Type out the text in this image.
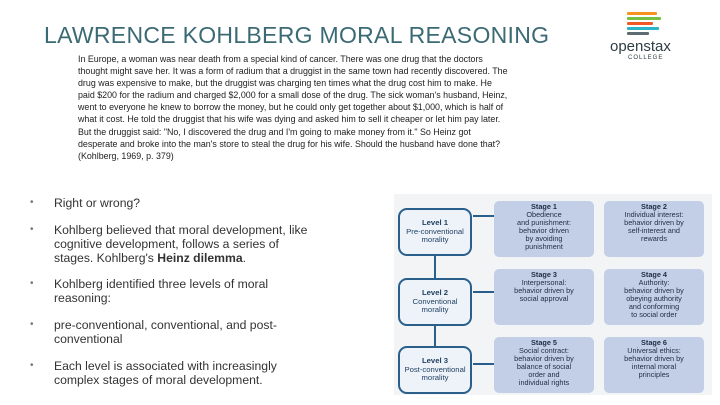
LAWRENCE KOHLBERG MORAL REASONING	openstax
COLLEGE
In Europe, a woman was near death from a special kind of cancer. There was one drug that the doctors thought might save her. It was a form of radium that a druggist in the same town had recently discovered. The drug was expensive to make, but the druggist was charging ten times what the drug cost him to make. He paid $200 for the radium and charged $2,000 for a small dose of the drug. The sick woman's husband, Heinz, went to everyone he knew to borrow the money, but he could only get together about $1,000, which is half of what it cost. He told the druggist that his wife was dying and asked him to sell it cheaper or let him pay later. But the druggist said: "No, I discovered the drug and I'm going to make money from it." So Heinz got desperate and broke into the man's store to steal the drug for his wife. Should the husband have done that? (Kohlberg, 1969, p. 379)
• Right or wrong?
• Kohlberg believed that moral development, like cognitive development, follows a series of stages. Kohlberg's Heinz dilemma.
• Kohlberg identified three levels of moral reasoning:
• pre-conventional, conventional, and post-conventional
• Each level is associated with increasingly complex stages of moral development.
Level 1
Pre-conventional
morality
Level 2
Conventional
morality
Level 3
Post-conventional
morality
Stage 1
Obedience
and punishment:
behavior driven
by avoiding
punishment
Stage 2
Individual interest:
behavior driven by
self-interest and
rewards
Stage 3
Interpersonal:
behavior driven by
social approval
Stage 4
Authority:
behavior driven by
obeying authority
and conforming
to social order
Stage 5
Social contract:
behavior driven by
balance of social
order and
individual rights
Stage 6
Universal ethics:
behavior driven by
internal moral
principles
